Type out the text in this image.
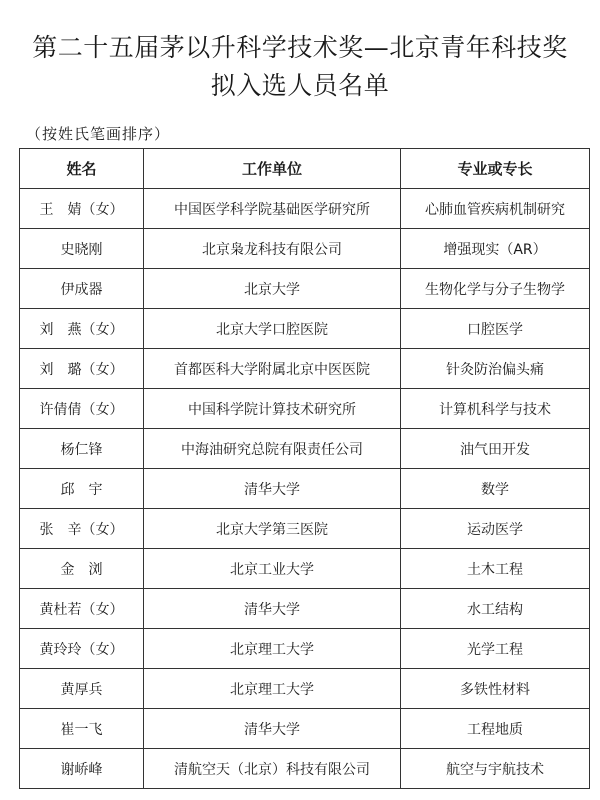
第二十五届茅以升科学技术奖—北京青年科技奖
拟入选人员名单
（按姓氏笔画排序）
姓名	工作单位	专业或专长
王　婧（女）	中国医学科学院基础医学研究所	心肺血管疾病机制研究
史晓刚	北京枭龙科技有限公司	增强现实（AR）
伊成器	北京大学	生物化学与分子生物学
刘　燕（女）	北京大学口腔医院	口腔医学
刘　璐（女）	首都医科大学附属北京中医医院	针灸防治偏头痛
许倩倩（女）	中国科学院计算技术研究所	计算机科学与技术
杨仁锋	中海油研究总院有限责任公司	油气田开发
邱　宇	清华大学	数学
张　辛（女）	北京大学第三医院	运动医学
金　浏	北京工业大学	土木工程
黄杜若（女）	清华大学	水工结构
黄玲玲（女）	北京理工大学	光学工程
黄厚兵	北京理工大学	多铁性材料
崔一飞	清华大学	工程地质
谢峤峰	清航空天（北京）科技有限公司	航空与宇航技术
